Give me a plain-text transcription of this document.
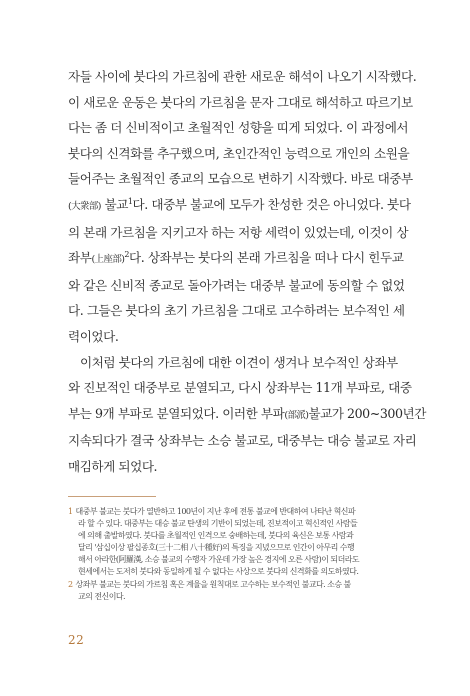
자들 사이에 붓다의 가르침에 관한 새로운 해석이 나오기 시작했다.
이 새로운 운동은 붓다의 가르침을 문자 그대로 해석하고 따르기보
다는 좀 더 신비적이고 초월적인 성향을 띠게 되었다. 이 과정에서
붓다의 신격화를 추구했으며, 초인간적인 능력으로 개인의 소원을
들어주는 초월적인 종교의 모습으로 변하기 시작했다. 바로 대중부
(大衆部) 불교$^1$다. 대중부 불교에 모두가 찬성한 것은 아니었다. 붓다
의 본래 가르침을 지키고자 하는 저항 세력이 있었는데, 이것이 상
좌부(上座部)$^2$다. 상좌부는 붓다의 본래 가르침을 떠나 다시 힌두교
와 같은 신비적 종교로 돌아가려는 대중부 불교에 동의할 수 없었
다. 그들은 붓다의 초기 가르침을 그대로 고수하려는 보수적인 세
력이었다.
이처럼 붓다의 가르침에 대한 이견이 생겨나 보수적인 상좌부
와 진보적인 대중부로 분열되고, 다시 상좌부는 11개 부파로, 대중
부는 9개 부파로 분열되었다. 이러한 부파(部派)불교가 200~300년간
지속되다가 결국 상좌부는 소승 불교로, 대중부는 대승 불교로 자리
매김하게 되었다.
1 대중부 불교는 붓다가 열반하고 100년이 지난 후에 전통 불교에 반대하여 나타난 혁신파
라 할 수 있다. 대중부는 대승 불교 탄생의 기반이 되었는데, 진보적이고 혁신적인 사람들
에 의해 출발하였다. 붓다를 초월적인 인격으로 숭배하는데, 붓다의 육신은 보통 사람과
달리 '삼십이상 팔십종호(三十二相 八十種好)의 특징을 지녔으므로 인간이 아무리 수행
해서 아라한(阿羅漢, 소승 불교의 수행자 가운데 가장 높은 경지에 오른 사람)이 되더라도
현세에서는 도저히 붓다와 동일하게 될 수 없다는 사상으로 붓다의 신격화를 의도하였다.
2 상좌부 불교는 붓다의 가르침 혹은 계율을 원칙대로 고수하는 보수적인 불교다. 소승 불
교의 전신이다.
22
